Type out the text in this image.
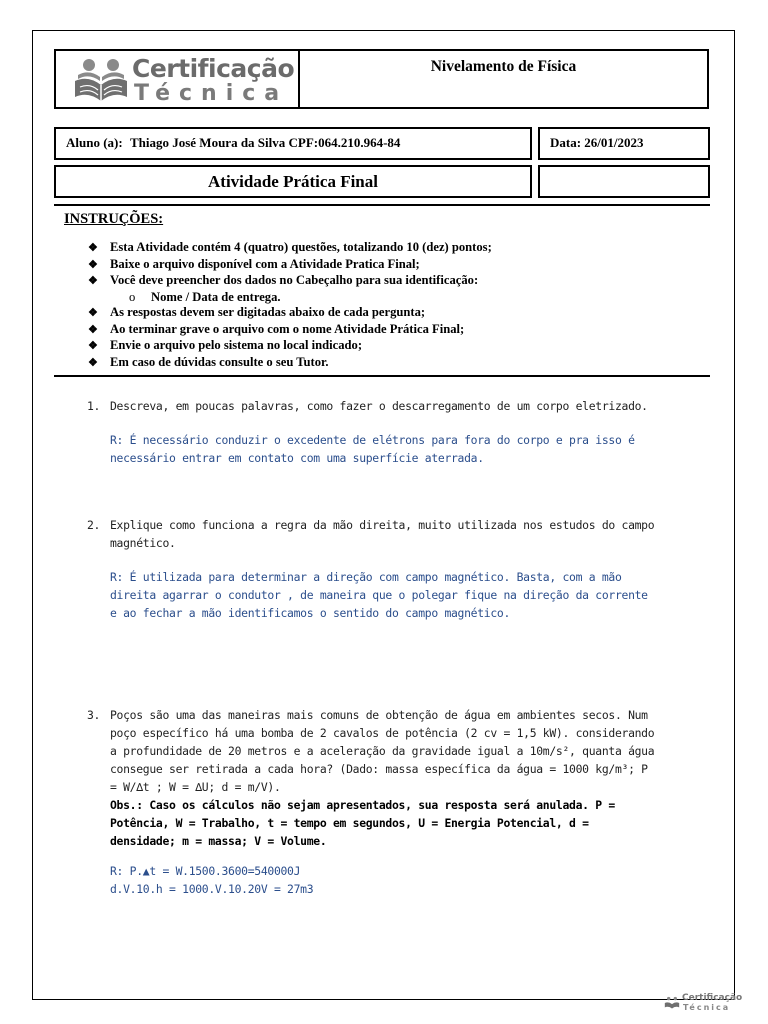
Certificação
Técnica
Nivelamento de Física
Aluno (a): Thiago José Moura da Silva CPF:064.210.964-84	Data: 26/01/2023
Atividade Prática Final
INSTRUÇÕES:
❖ Esta Atividade contém 4 (quatro) questões, totalizando 10 (dez) pontos;
❖ Baixe o arquivo disponível com a Atividade Pratica Final;
❖ Você deve preencher dos dados no Cabeçalho para sua identificação:
o Nome / Data de entrega.
❖ As respostas devem ser digitadas abaixo de cada pergunta;
❖ Ao terminar grave o arquivo com o nome Atividade Prática Final;
❖ Envie o arquivo pelo sistema no local indicado;
❖ Em caso de dúvidas consulte o seu Tutor.
1. Descreva, em poucas palavras, como fazer o descarregamento de um corpo eletrizado.
R: É necessário conduzir o excedente de elétrons para fora do corpo e pra isso é
necessário entrar em contato com uma superfície aterrada.
2. Explique como funciona a regra da mão direita, muito utilizada nos estudos do campo
magnético.
R: É utilizada para determinar a direção com campo magnético. Basta, com a mão
direita agarrar o condutor , de maneira que o polegar fique na direção da corrente
e ao fechar a mão identificamos o sentido do campo magnético.
3. Poços são uma das maneiras mais comuns de obtenção de água em ambientes secos. Num
poço específico há uma bomba de 2 cavalos de potência (2 cv = 1,5 kW). considerando
a profundidade de 20 metros e a aceleração da gravidade igual a 10m/s², quanta água
consegue ser retirada a cada hora? (Dado: massa específica da água = 1000 kg/m³; P
= W/∆t ; W = ∆U; d = m/V).
Obs.: Caso os cálculos não sejam apresentados, sua resposta será anulada. P =
Potência, W = Trabalho, t = tempo em segundos, U = Energia Potencial, d =
densidade; m = massa; V = Volume.
R: P.▲t = W.1500.3600=540000J
d.V.10.h = 1000.V.10.20V = 27m3
Certificação
Técnica
